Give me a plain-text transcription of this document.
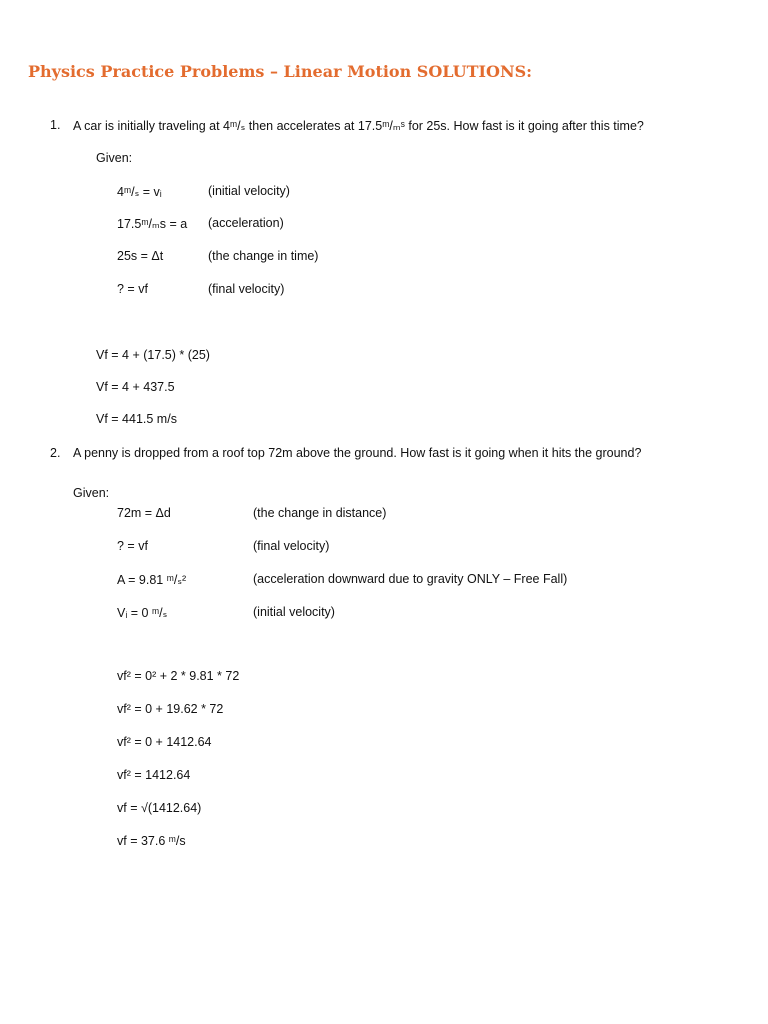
Physics Practice Problems – Linear Motion SOLUTIONS:
1. A car is initially traveling at 4ᵐ/ₛ then accelerates at 17.5ᵐ/ₘˢ for 25s. How fast is it going after this time?
Given:
4ᵐ/ₛ = vᵢ	(initial velocity)
17.5ᵐ/ₘs = a (acceleration)
25s = Δt	(the change in time)
? = vf	(final velocity)
Vf = 4 + (17.5) * (25)
Vf = 4 + 437.5
Vf = 441.5 m/s
2. A penny is dropped from a roof top 72m above the ground. How fast is it going when it hits the ground?
Given:
72m = Δd	(the change in distance)
? = vf	(final velocity)
A = 9.81 ᵐ/ₛ²	(acceleration downward due to gravity ONLY – Free Fall)
Vᵢ = 0 ᵐ/ₛ	(initial velocity)
vf² = 0² + 2 * 9.81 * 72
vf² = 0 + 19.62 * 72
vf² = 0 + 1412.64
vf² = 1412.64
vf = √(1412.64)
vf = 37.6 ᵐ/s
